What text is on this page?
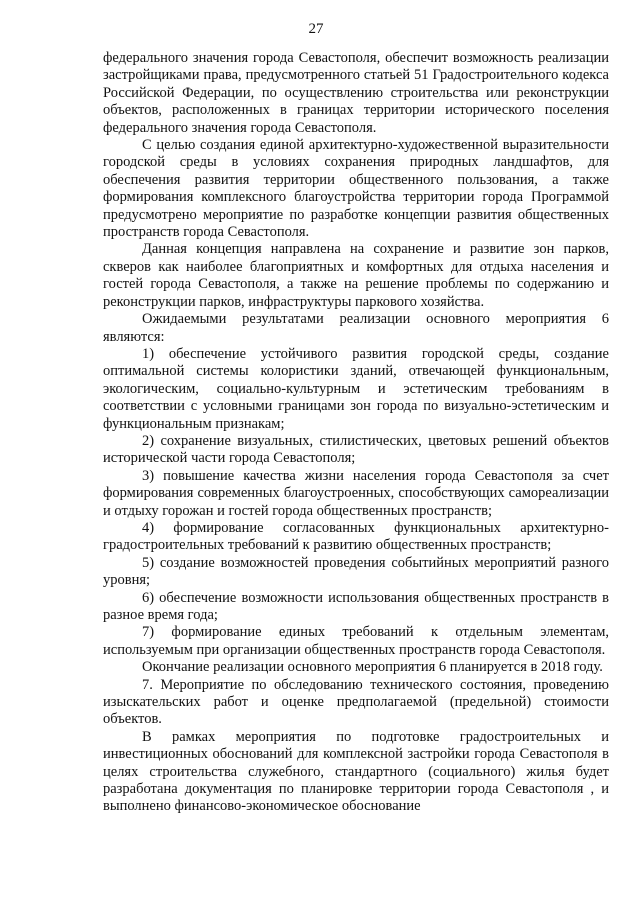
27

федерального значения города Севастополя, обеспечит возможность реализации застройщиками права, предусмотренного статьей 51 Градостроительного кодекса Российской Федерации, по осуществлению строительства или реконструкции объектов, расположенных в границах территории исторического поселения федерального значения города Севастополя.

С целью создания единой архитектурно-художественной выразительности городской среды в условиях сохранения природных ландшафтов, для обеспечения развития территории общественного пользования, а также формирования комплексного благоустройства территории города Программой предусмотрено мероприятие по разработке концепции развития общественных пространств города Севастополя.

Данная концепция направлена на сохранение и развитие зон парков, скверов как наиболее благоприятных и комфортных для отдыха населения и гостей города Севастополя, а также на решение проблемы по содержанию и реконструкции парков, инфраструктуры паркового хозяйства.

Ожидаемыми результатами реализации основного мероприятия 6 являются:

1) обеспечение устойчивого развития городской среды, создание оптимальной системы колористики зданий, отвечающей функциональным, экологическим, социально-культурным и эстетическим требованиям в соответствии с условными границами зон города по визуально-эстетическим и функциональным признакам;

2) сохранение визуальных, стилистических, цветовых решений объектов исторической части города Севастополя;

3) повышение качества жизни населения города Севастополя за счет формирования современных благоустроенных, способствующих самореализации и отдыху горожан и гостей города общественных пространств;

4) формирование согласованных функциональных архитектурно-градостроительных требований к развитию общественных пространств;

5) создание возможностей проведения событийных мероприятий разного уровня;

6) обеспечение возможности использования общественных пространств в разное время года;

7) формирование единых требований к отдельным элементам, используемым при организации общественных пространств города Севастополя.

Окончание реализации основного мероприятия 6 планируется в 2018 году.

7. Мероприятие по обследованию технического состояния, проведению изыскательских работ и оценке предполагаемой (предельной) стоимости объектов.

В рамках мероприятия по подготовке градостроительных и инвестиционных обоснований для комплексной застройки города Севастополя в целях строительства служебного, стандартного (социального) жилья будет разработана документация по планировке территории города Севастополя , и выполнено финансово-экономическое обоснование
